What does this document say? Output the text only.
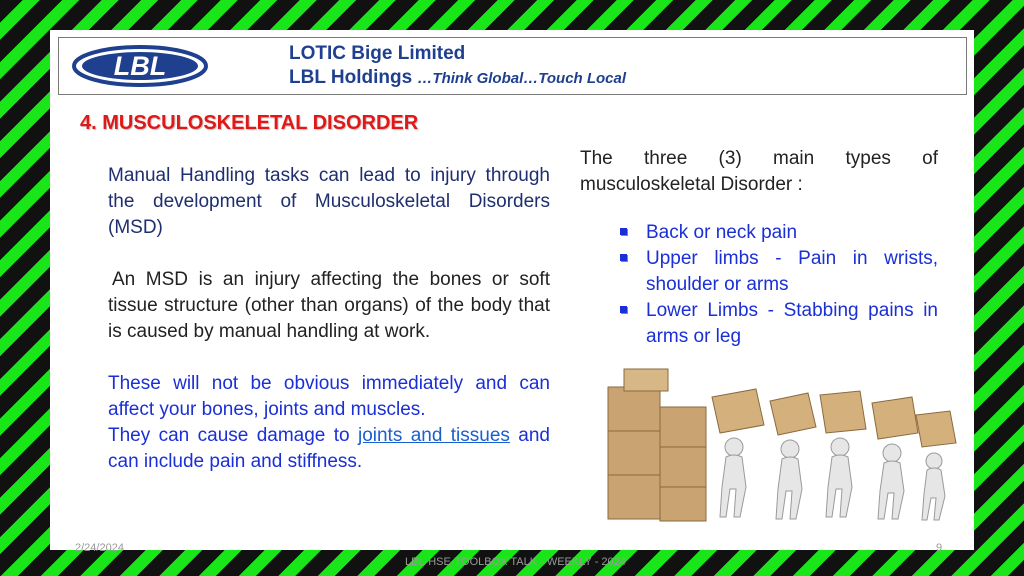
LBL	LOTIC Bige Limited
LBL Holdings …Think Global…Touch Local
4. MUSCULOSKELETAL DISORDER

Manual Handling tasks can lead to injury through the development of Musculoskeletal Disorders (MSD)

An MSD is an injury affecting the bones or soft tissue structure (other than organs) of the body that is caused by manual handling at work.

These will not be obvious immediately and can affect your bones, joints and muscles.

They can cause damage to joints and tissues and can include pain and stiffness.

The three (3) main types of musculoskeletal Disorder :

Back or neck pain
Upper limbs - Pain in wrists, shoulder or arms
Lower Limbs - Stabbing pains in arms or leg
2/24/2024
LBL-HSE-TOOLBOX TALK - WEEKLY - 2024
9
